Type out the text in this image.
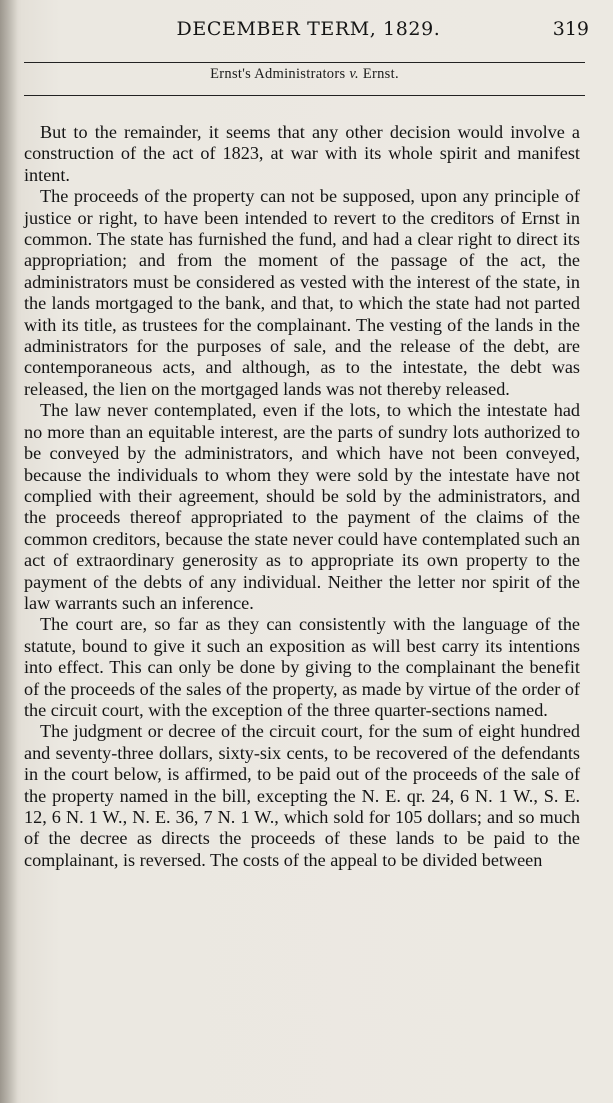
DECEMBER TERM, 1829.	319
Ernst's Administrators v. Ernst.

But to the remainder, it seems that any other decision would involve a construction of the act of 1823, at war with its whole spirit and manifest intent.

The proceeds of the property can not be supposed, upon any principle of justice or right, to have been intended to revert to the creditors of Ernst in common. The state has furnished the fund, and had a clear right to direct its appropriation; and from the moment of the passage of the act, the administrators must be considered as vested with the interest of the state, in the lands mortgaged to the bank, and that, to which the state had not parted with its title, as trustees for the complainant. The vesting of the lands in the administrators for the purposes of sale, and the release of the debt, are contemporaneous acts, and although, as to the intestate, the debt was released, the lien on the mortgaged lands was not thereby released.

The law never contemplated, even if the lots, to which the intestate had no more than an equitable interest, are the parts of sundry lots authorized to be conveyed by the administrators, and which have not been conveyed, because the individuals to whom they were sold by the intestate have not complied with their agreement, should be sold by the administrators, and the proceeds thereof appropriated to the payment of the claims of the common creditors, because the state never could have contemplated such an act of extraordinary generosity as to appropriate its own property to the payment of the debts of any individual. Neither the letter nor spirit of the law warrants such an inference.

The court are, so far as they can consistently with the language of the statute, bound to give it such an exposition as will best carry its intentions into effect. This can only be done by giving to the complainant the benefit of the proceeds of the sales of the property, as made by virtue of the order of the circuit court, with the exception of the three quarter-sections named.

The judgment or decree of the circuit court, for the sum of eight hundred and seventy-three dollars, sixty-six cents, to be recovered of the defendants in the court below, is affirmed, to be paid out of the proceeds of the sale of the property named in the bill, excepting the N. E. qr. 24, 6 N. 1 W., S. E. 12, 6 N. 1 W., N. E. 36, 7 N. 1 W., which sold for 105 dollars; and so much of the decree as directs the proceeds of these lands to be paid to the complainant, is reversed. The costs of the appeal to be divided between
